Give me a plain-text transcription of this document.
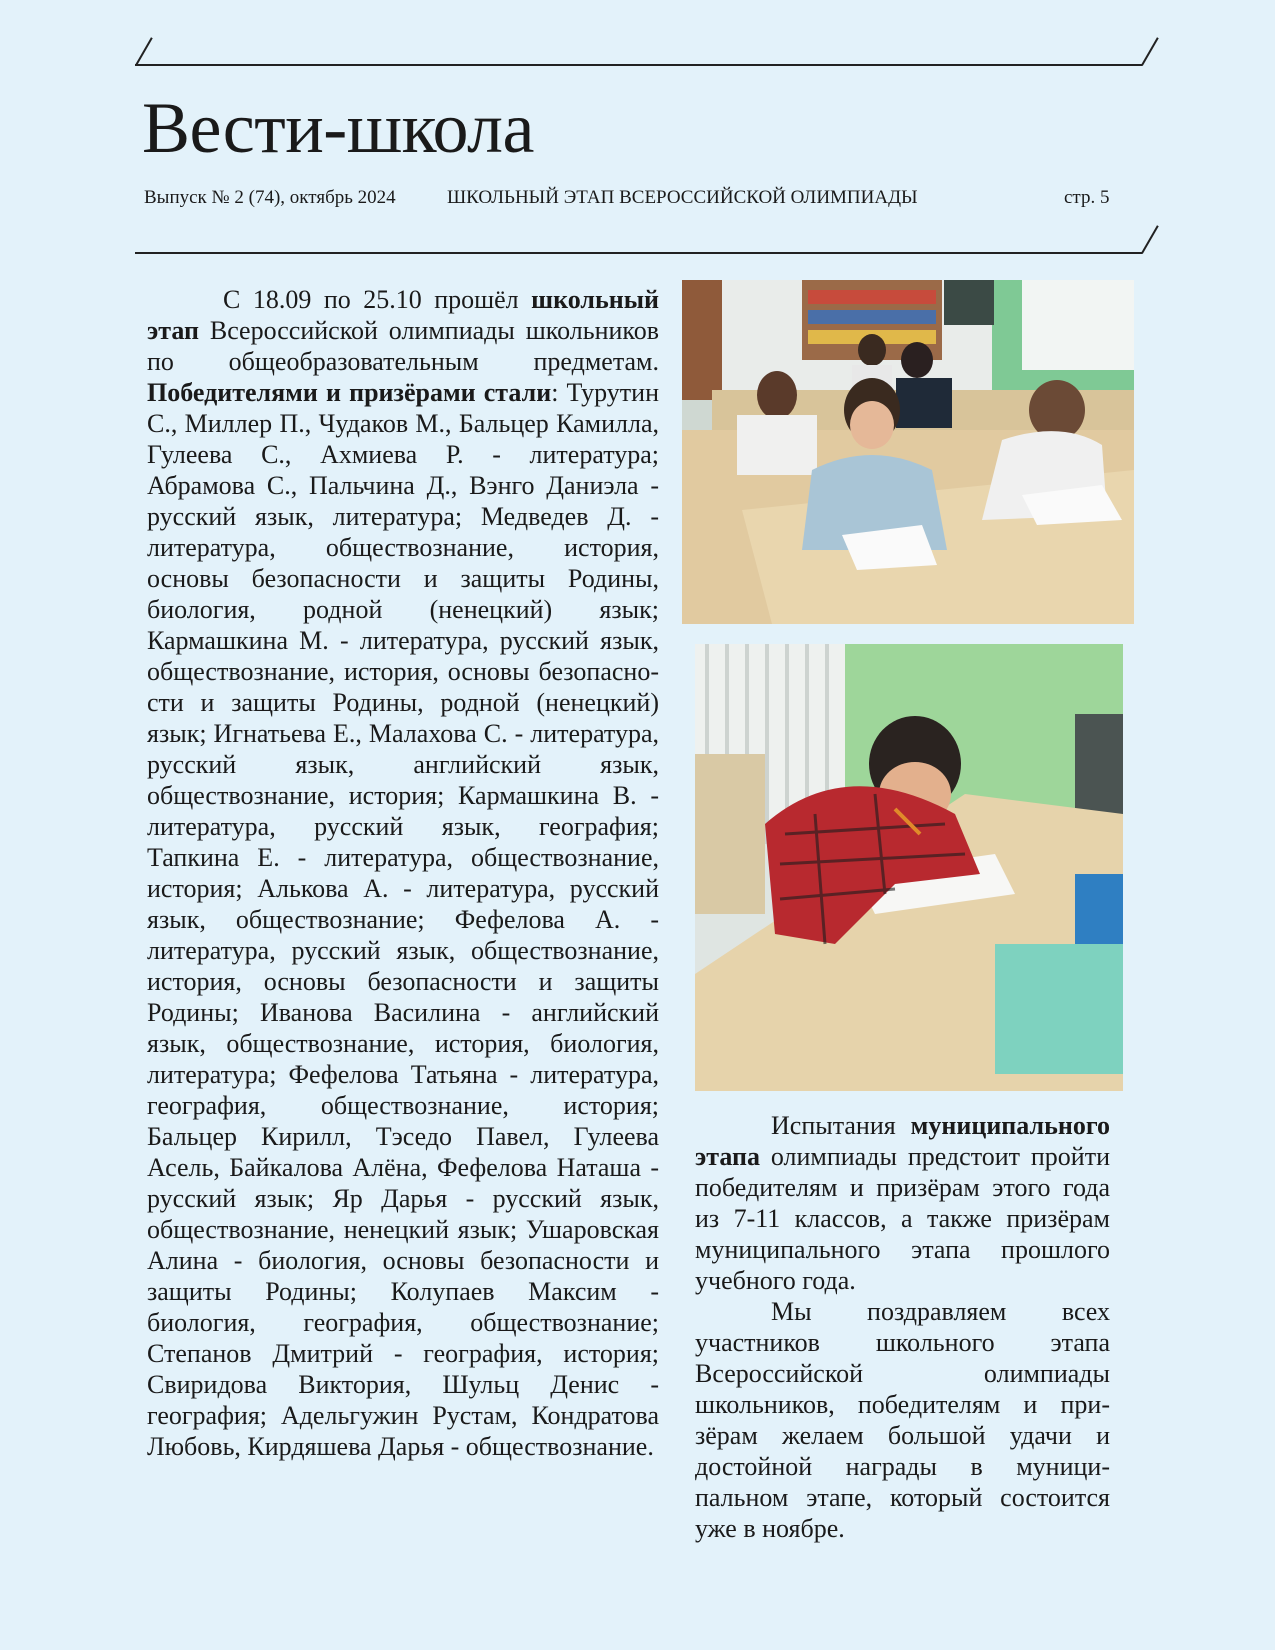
Вести-школа
Выпуск № 2 (74), октябрь 2024	ШКОЛЬНЫЙ ЭТАП ВСЕРОССИЙСКОЙ ОЛИМПИАДЫ	стр. 5

С 18.09 по 25.10 прошёл школьный этап Всероссийской олимпиады школьников по общеобразовательным предметам. Победителями и призёрами стали: Турутин С., Миллер П., Чудаков М., Бальцер Камилла, Гулеева С., Ахмиева Р. - литература; Абрамова С., Пальчина Д., Вэнго Даниэла - русский язык, литература; Медведев Д. - литература, обществознание, история, основы безопасности и защиты Родины, биология, родной (ненецкий) язык; Кармашкина М. - литература, русский язык, обществознание, история, основы безопасности и защиты Родины, родной (ненецкий) язык; Игнатьева Е., Малахова С. - литература, русский язык, английский язык, обществознание, история; Кармашкина В. - литература, русский язык, география; Тапкина Е. - литература, обществознание, история; Алькова А. - литература, русский язык, обществознание; Фефелова А. - литература, русский язык, обществознание, история, основы безопасности и защиты Родины; Иванова Василина - английский язык, обществознание, история, биология, литература; Фефелова Татьяна - литература, география, обществознание, история; Бальцер Кирилл, Тэседо Павел, Гулеева Асель, Байкалова Алёна, Фефелова Наташа - русский язык; Яр Дарья - русский язык, обществознание, ненецкий язык; Ушаровская Алина - биология, основы безопасности и защиты Родины; Колупаев Максим - биология, география, обществознание; Степанов Дмитрий - география, история; Свиридова Виктория, Шульц Денис - география; Адельгужин Рустам, Кондратова Любовь, Кирдяшева Дарья - обществознание.

Испытания муниципального этапа олимпиады предстоит пройти победителям и призёрам этого года из 7-11 классов, а также призёрам муниципального этапа прошлого учебного года.

Мы поздравляем всех участников школьного этапа Всероссийской олимпиады школьников, победителям и призёрам желаем большой удачи и достойной награды в муниципальном этапе, который состоится уже в ноябре.
